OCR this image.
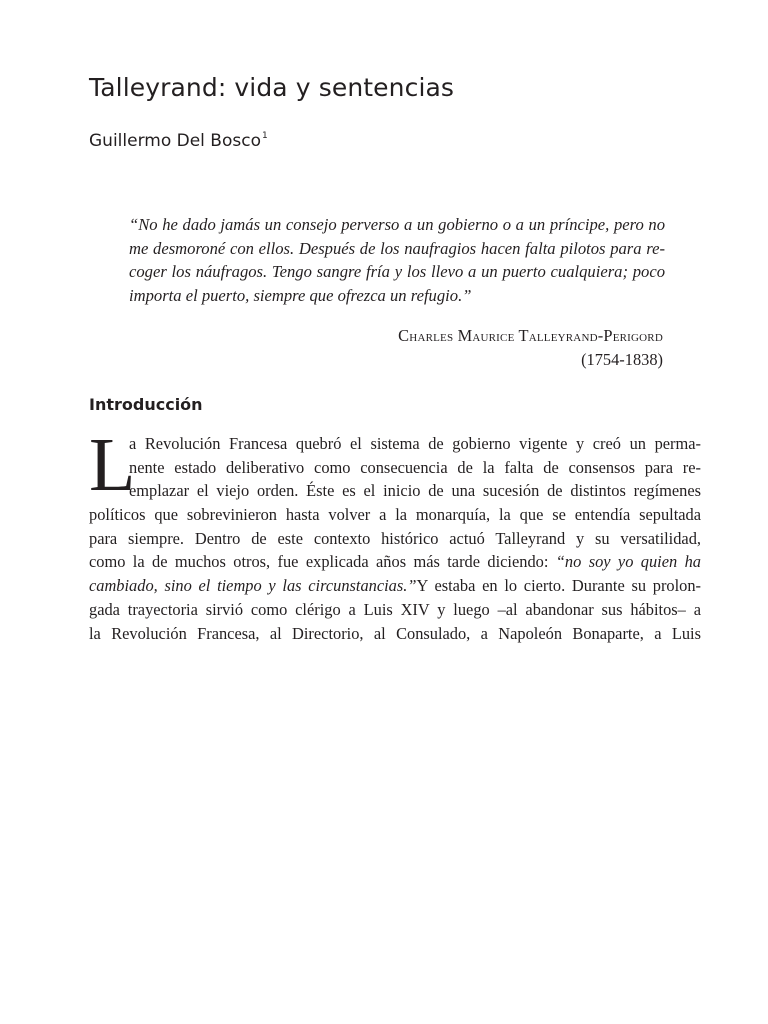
Talleyrand: vida y sentencias
Guillermo Del Bosco$^1$
“No he dado jamás un consejo perverso a un gobierno o a un príncipe, pero no
me desmoroné con ellos. Después de los naufragios hacen falta pilotos para re-
coger los náufragos. Tengo sangre fría y los llevo a un puerto cualquiera; poco
importa el puerto, siempre que ofrezca un refugio.”
Charles Maurice Talleyrand-Perigord
(1754-1838)
Introducción
L
a Revolución Francesa quebró el sistema de gobierno vigente y creó un perma-
nente estado deliberativo como consecuencia de la falta de consensos para re-
emplazar el viejo orden. Éste es el inicio de una sucesión de distintos regímenes
políticos que sobrevinieron hasta volver a la monarquía, la que se entendía sepultada
para siempre. Dentro de este contexto histórico actuó Talleyrand y su versatilidad,
como la de muchos otros, fue explicada años más tarde diciendo: “no soy yo quien ha
cambiado, sino el tiempo y las circunstancias.”Y estaba en lo cierto. Durante su prolon-
gada trayectoria sirvió como clérigo a Luis XIV y luego –al abandonar sus hábitos– a
la Revolución Francesa, al Directorio, al Consulado, a Napoleón Bonaparte, a Luis
